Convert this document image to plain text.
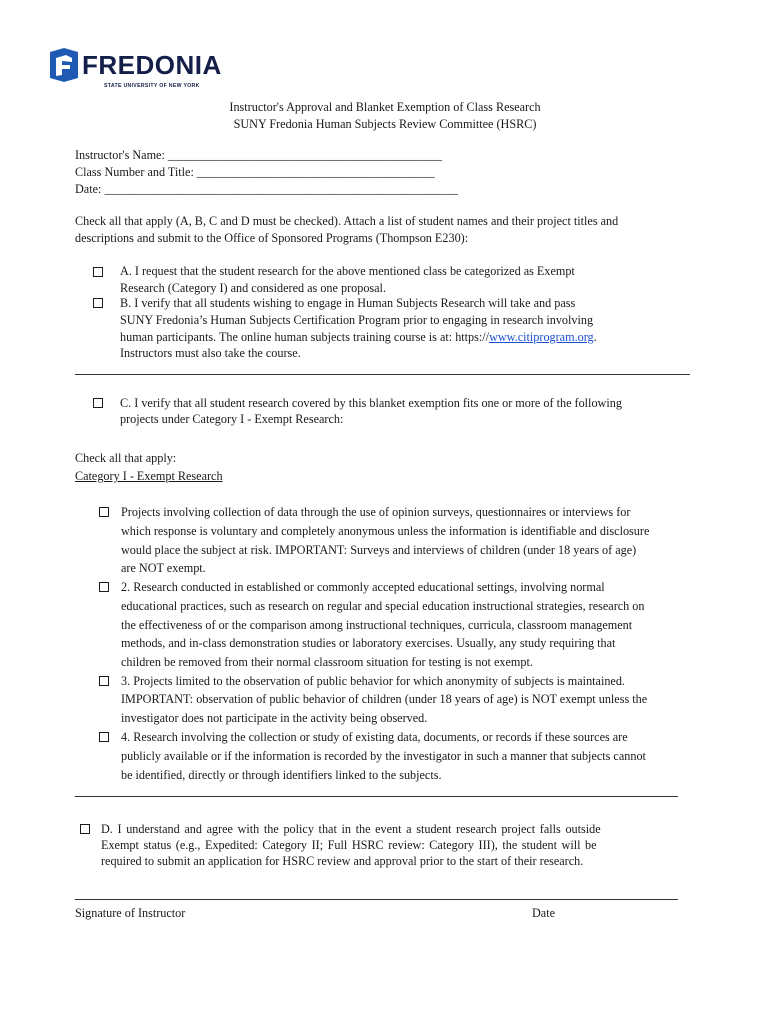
FREDONIA
STATE UNIVERSITY OF NEW YORK
Instructor's Approval and Blanket Exemption of Class Research
SUNY Fredonia Human Subjects Review Committee (HSRC)
Instructor's Name: _____________________________________________
Class Number and Title: _______________________________________
Date: __________________________________________________________
Check all that apply (A, B, C and D must be checked). Attach a list of student names and their project titles and
descriptions and submit to the Office of Sponsored Programs (Thompson E230):
A. I request that the student research for the above mentioned class be categorized as Exempt
Research (Category I) and considered as one proposal.
B. I verify that all students wishing to engage in Human Subjects Research will take and pass
SUNY Fredonia’s Human Subjects Certification Program prior to engaging in research involving
human participants. The online human subjects training course is at: https://www.citiprogram.org.
Instructors must also take the course.
C. I verify that all student research covered by this blanket exemption fits one or more of the following
projects under Category I - Exempt Research:
Check all that apply:
Category I - Exempt Research
Projects involving collection of data through the use of opinion surveys, questionnaires or interviews for
which response is voluntary and completely anonymous unless the information is identifiable and disclosure
would place the subject at risk. IMPORTANT: Surveys and interviews of children (under 18 years of age)
are NOT exempt.
2. Research conducted in established or commonly accepted educational settings, involving normal
educational practices, such as research on regular and special education instructional strategies, research on
the effectiveness of or the comparison among instructional techniques, curricula, classroom management
methods, and in-class demonstration studies or laboratory exercises. Usually, any study requiring that
children be removed from their normal classroom situation for testing is not exempt.
3. Projects limited to the observation of public behavior for which anonymity of subjects is maintained.
IMPORTANT: observation of public behavior of children (under 18 years of age) is NOT exempt unless the
investigator does not participate in the activity being observed.
4. Research involving the collection or study of existing data, documents, or records if these sources are
publicly available or if the information is recorded by the investigator in such a manner that subjects cannot
be identified, directly or through identifiers linked to the subjects.
D. I understand and agree with the policy that in the event a student research project falls outside
Exempt status (e.g., Expedited: Category II; Full HSRC review: Category III), the student will be
required to submit an application for HSRC review and approval prior to the start of their research.
Signature of Instructor	Date
